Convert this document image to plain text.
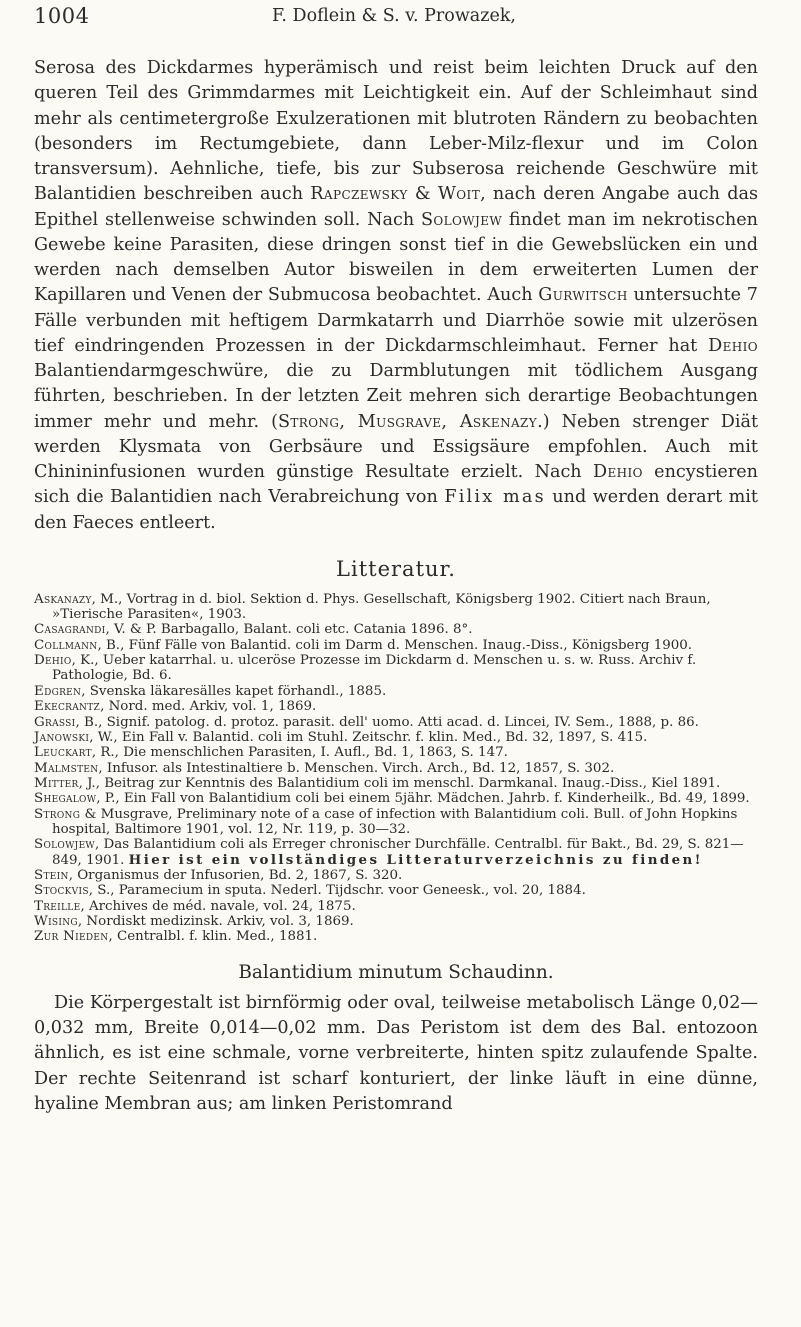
1004	F. Doflein & S. v. Prowazek,

Serosa des Dickdarmes hyperämisch und reist beim leichten Druck auf den queren Teil des Grimmdarmes mit Leichtigkeit ein. Auf der Schleimhaut sind mehr als centimetergroße Exulzerationen mit blutroten Rändern zu beobachten (besonders im Rectumgebiete, dann Leber-Milz-flexur und im Colon transversum). Aehnliche, tiefe, bis zur Subserosa reichende Geschwüre mit Balantidien beschreiben auch Rapczewsky & Woit, nach deren Angabe auch das Epithel stellenweise schwinden soll. Nach Solowjew findet man im nekrotischen Gewebe keine Parasiten, diese dringen sonst tief in die Gewebslücken ein und werden nach demselben Autor bisweilen in dem erweiterten Lumen der Kapillaren und Venen der Submucosa beobachtet. Auch Gurwitsch untersuchte 7 Fälle verbunden mit heftigem Darmkatarrh und Diarrhöe sowie mit ulzerösen tief eindringenden Prozessen in der Dickdarmschleimhaut. Ferner hat Dehio Balantiendarmgeschwüre, die zu Darmblutungen mit tödlichem Ausgang führten, beschrieben. In der letzten Zeit mehren sich derartige Beobachtungen immer mehr und mehr. (Strong, Musgrave, Askenazy.) Neben strenger Diät werden Klysmata von Gerbsäure und Essigsäure empfohlen. Auch mit Chinininfusionen wurden günstige Resultate erzielt. Nach Dehio encystieren sich die Balantidien nach Verabreichung von Filix mas und werden derart mit den Faeces entleert.

Litteratur.

Askanazy, M., Vortrag in d. biol. Sektion d. Phys. Gesellschaft, Königsberg 1902. Citiert nach Braun, »Tierische Parasiten«, 1903.

Casagrandi, V. & P. Barbagallo, Balant. coli etc. Catania 1896. 8°.

Collmann, B., Fünf Fälle von Balantid. coli im Darm d. Menschen. Inaug.-Diss., Königsberg 1900.

Dehio, K., Ueber katarrhal. u. ulceröse Prozesse im Dickdarm d. Menschen u. s. w. Russ. Archiv f. Pathologie, Bd. 6.

Edgren, Svenska läkaresälles kapet förhandl., 1885.

Ekecrantz, Nord. med. Arkiv, vol. 1, 1869.

Grassi, B., Signif. patolog. d. protoz. parasit. dell' uomo. Atti acad. d. Lincei, IV. Sem., 1888, p. 86.

Janowski, W., Ein Fall v. Balantid. coli im Stuhl. Zeitschr. f. klin. Med., Bd. 32, 1897, S. 415.

Leuckart, R., Die menschlichen Parasiten, I. Aufl., Bd. 1, 1863, S. 147.

Malmsten, Infusor. als Intestinaltiere b. Menschen. Virch. Arch., Bd. 12, 1857, S. 302.

Mitter, J., Beitrag zur Kenntnis des Balantidium coli im menschl. Darmkanal. Inaug.-Diss., Kiel 1891.

Shegalow, P., Ein Fall von Balantidium coli bei einem 5jähr. Mädchen. Jahrb. f. Kinderheilk., Bd. 49, 1899.

Strong & Musgrave, Preliminary note of a case of infection with Balantidium coli. Bull. of John Hopkins hospital, Baltimore 1901, vol. 12, Nr. 119, p. 30—32.

Solowjew, Das Balantidium coli als Erreger chronischer Durchfälle. Centralbl. für Bakt., Bd. 29, S. 821—849, 1901. Hier ist ein vollständiges Litteraturverzeichnis zu finden!

Stein, Organismus der Infusorien, Bd. 2, 1867, S. 320.

Stockvis, S., Paramecium in sputa. Nederl. Tijdschr. voor Geneesk., vol. 20, 1884.

Treille, Archives de méd. navale, vol. 24, 1875.

Wising, Nordiskt medizinsk. Arkiv, vol. 3, 1869.

Zur Nieden, Centralbl. f. klin. Med., 1881.

Balantidium minutum Schaudinn.

Die Körpergestalt ist birnförmig oder oval, teilweise metabolisch Länge 0,02—0,032 mm, Breite 0,014—0,02 mm. Das Peristom ist dem des Bal. entozoon ähnlich, es ist eine schmale, vorne verbreiterte, hinten spitz zulaufende Spalte. Der rechte Seitenrand ist scharf konturiert, der linke läuft in eine dünne, hyaline Membran aus; am linken Peristomrand
